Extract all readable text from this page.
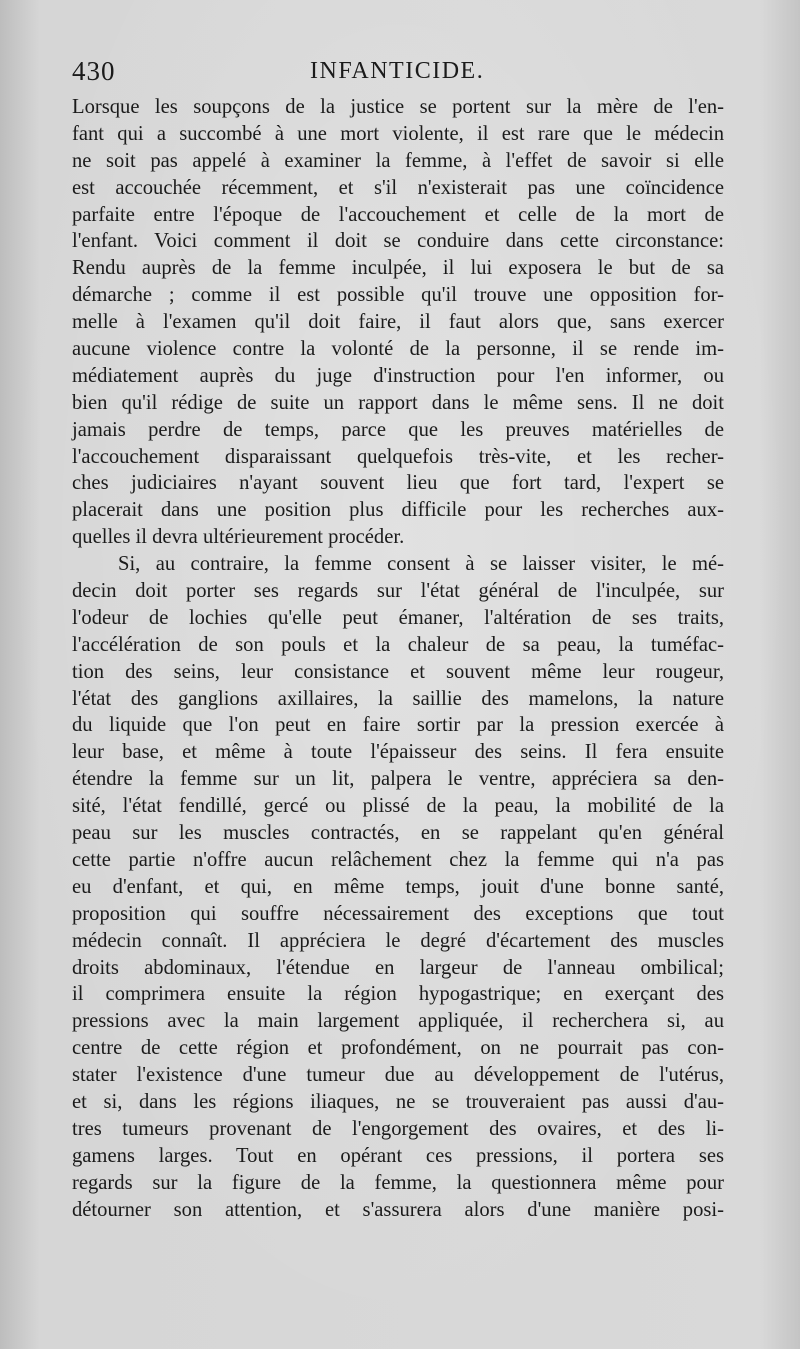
430	INFANTICIDE.
Lorsque les soupçons de la justice se portent sur la mère de l'en-
fant qui a succombé à une mort violente, il est rare que le médecin
ne soit pas appelé à examiner la femme, à l'effet de savoir si elle
est accouchée récemment, et s'il n'existerait pas une coïncidence
parfaite entre l'époque de l'accouchement et celle de la mort de
l'enfant. Voici comment il doit se conduire dans cette circonstance:
Rendu auprès de la femme inculpée, il lui exposera le but de sa
démarche ; comme il est possible qu'il trouve une opposition for-
melle à l'examen qu'il doit faire, il faut alors que, sans exercer
aucune violence contre la volonté de la personne, il se rende im-
médiatement auprès du juge d'instruction pour l'en informer, ou
bien qu'il rédige de suite un rapport dans le même sens. Il ne doit
jamais perdre de temps, parce que les preuves matérielles de
l'accouchement disparaissant quelquefois très-vite, et les recher-
ches judiciaires n'ayant souvent lieu que fort tard, l'expert se
placerait dans une position plus difficile pour les recherches aux-
quelles il devra ultérieurement procéder.
Si, au contraire, la femme consent à se laisser visiter, le mé-
decin doit porter ses regards sur l'état général de l'inculpée, sur
l'odeur de lochies qu'elle peut émaner, l'altération de ses traits,
l'accélération de son pouls et la chaleur de sa peau, la tuméfac-
tion des seins, leur consistance et souvent même leur rougeur,
l'état des ganglions axillaires, la saillie des mamelons, la nature
du liquide que l'on peut en faire sortir par la pression exercée à
leur base, et même à toute l'épaisseur des seins. Il fera ensuite
étendre la femme sur un lit, palpera le ventre, appréciera sa den-
sité, l'état fendillé, gercé ou plissé de la peau, la mobilité de la
peau sur les muscles contractés, en se rappelant qu'en général
cette partie n'offre aucun relâchement chez la femme qui n'a pas
eu d'enfant, et qui, en même temps, jouit d'une bonne santé,
proposition qui souffre nécessairement des exceptions que tout
médecin connaît. Il appréciera le degré d'écartement des muscles
droits abdominaux, l'étendue en largeur de l'anneau ombilical;
il comprimera ensuite la région hypogastrique; en exerçant des
pressions avec la main largement appliquée, il recherchera si, au
centre de cette région et profondément, on ne pourrait pas con-
stater l'existence d'une tumeur due au développement de l'utérus,
et si, dans les régions iliaques, ne se trouveraient pas aussi d'au-
tres tumeurs provenant de l'engorgement des ovaires, et des li-
gamens larges. Tout en opérant ces pressions, il portera ses
regards sur la figure de la femme, la questionnera même pour
détourner son attention, et s'assurera alors d'une manière posi-
